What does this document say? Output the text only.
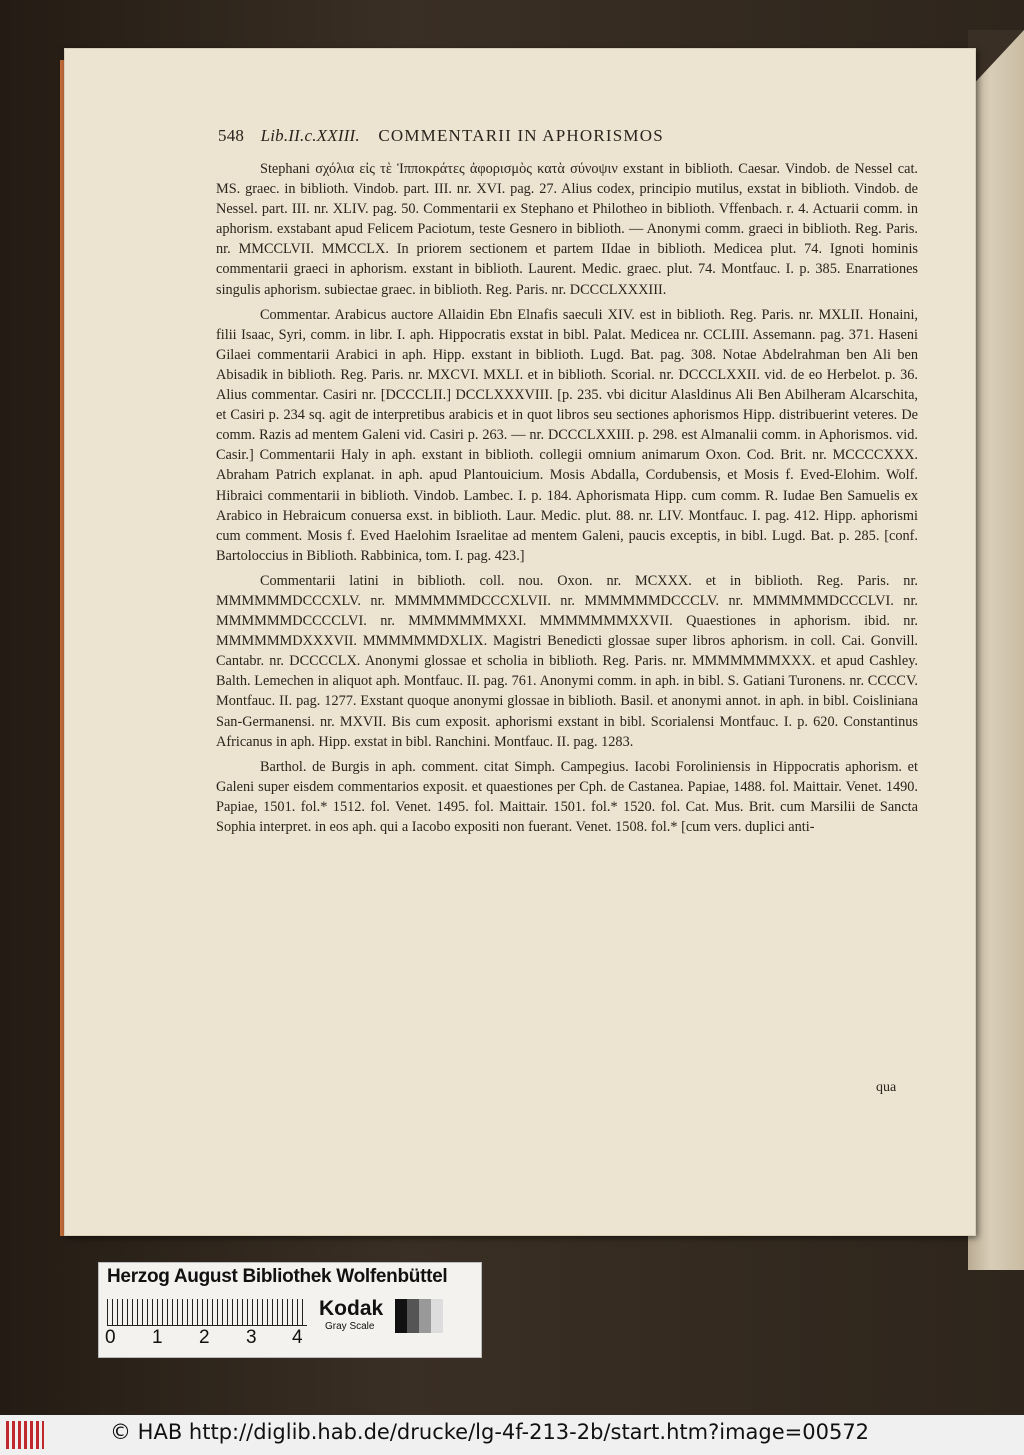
548 Lib.II.c.XXIII. COMMENTARII IN APHORISMOS

Stephani σχόλια εἰς τὲ Ἱπποκράτες ἀφορισμὸς κατὰ σύνοψιν exstant in biblioth. Caesar. Vindob. de Nessel cat. MS. graec. in biblioth. Vindob. part. III. nr. XVI. pag. 27. Alius codex, principio mutilus, exstat in biblioth. Vindob. de Nessel. part. III. nr. XLIV. pag. 50. Commentarii ex Stephano et Philotheo in biblioth. Vffenbach. r. 4. Actuarii comm. in aphorism. exstabant apud Felicem Paciotum, teste Gesnero in biblioth. — Anonymi comm. graeci in biblioth. Reg. Paris. nr. MMCCLVII. MMCCLX. In priorem sectionem et partem IIdae in biblioth. Medicea plut. 74. Ignoti hominis commentarii graeci in aphorism. exstant in biblioth. Laurent. Medic. graec. plut. 74. Montfauc. I. p. 385. Enarrationes singulis aphorism. subiectae graec. in biblioth. Reg. Paris. nr. DCCCLXXXIII.

Commentar. Arabicus auctore Allaidin Ebn Elnafis saeculi XIV. est in biblioth. Reg. Paris. nr. MXLII. Honaini, filii Isaac, Syri, comm. in libr. I. aph. Hippocratis exstat in bibl. Palat. Medicea nr. CCLIII. Assemann. pag. 371. Haseni Gilaei commentarii Arabici in aph. Hipp. exstant in biblioth. Lugd. Bat. pag. 308. Notae Abdelrahman ben Ali ben Abisadik in biblioth. Reg. Paris. nr. MXCVI. MXLI. et in biblioth. Scorial. nr. DCCCLXXII. vid. de eo Herbelot. p. 36. Alius commentar. Casiri nr. [DCCCLII.] DCCLXXXVIII. [p. 235. vbi dicitur Alasldinus Ali Ben Abilheram Alcarschita, et Casiri p. 234 sq. agit de interpretibus arabicis et in quot libros seu sectiones aphorismos Hipp. distribuerint veteres. De comm. Razis ad mentem Galeni vid. Casiri p. 263. — nr. DCCCLXXIII. p. 298. est Almanalii comm. in Aphorismos. vid. Casir.] Commentarii Haly in aph. exstant in biblioth. collegii omnium animarum Oxon. Cod. Brit. nr. MCCCCXXX. Abraham Patrich explanat. in aph. apud Plantouicium. Mosis Abdalla, Cordubensis, et Mosis f. Eved-Elohim. Wolf. Hibraici commentarii in biblioth. Vindob. Lambec. I. p. 184. Aphorismata Hipp. cum comm. R. Iudae Ben Samuelis ex Arabico in Hebraicum conuersa exst. in biblioth. Laur. Medic. plut. 88. nr. LIV. Montfauc. I. pag. 412. Hipp. aphorismi cum comment. Mosis f. Eved Haelohim Israelitae ad mentem Galeni, paucis exceptis, in bibl. Lugd. Bat. p. 285. [conf. Bartoloccius in Biblioth. Rabbinica, tom. I. pag. 423.]

Commentarii latini in biblioth. coll. nou. Oxon. nr. MCXXX. et in biblioth. Reg. Paris. nr. MMMMMMDCCCXLV. nr. MMMMMMDCCCXLVII. nr. MMMMMMDCCCLV. nr. MMMMMMDCCCLVI. nr. MMMMMMDCCCCLVI. nr. MMMMMMMXXI. MMMMMMMXXVII. Quaestiones in aphorism. ibid. nr. MMMMMMDXXXVII. MMMMMMDXLIX. Magistri Benedicti glossae super libros aphorism. in coll. Cai. Gonvill. Cantabr. nr. DCCCCLX. Anonymi glossae et scholia in biblioth. Reg. Paris. nr. MMMMMMMXXX. et apud Cashley. Balth. Lemechen in aliquot aph. Montfauc. II. pag. 761. Anonymi comm. in aph. in bibl. S. Gatiani Turonens. nr. CCCCV. Montfauc. II. pag. 1277. Exstant quoque anonymi glossae in biblioth. Basil. et anonymi annot. in aph. in bibl. Coisliniana San-Germanensi. nr. MXVII. Bis cum exposit. aphorismi exstant in bibl. Scorialensi Montfauc. I. p. 620. Constantinus Africanus in aph. Hipp. exstat in bibl. Ranchini. Montfauc. II. pag. 1283.

Barthol. de Burgis in aph. comment. citat Simph. Campegius. Iacobi Foroliniensis in Hippocratis aphorism. et Galeni super eisdem commentarios exposit. et quaestiones per Cph. de Castanea. Papiae, 1488. fol. Maittair. Venet. 1490. Papiae, 1501. fol.* 1512. fol. Venet. 1495. fol. Maittair. 1501. fol.* 1520. fol. Cat. Mus. Brit. cum Marsilii de Sancta Sophia interpret. in eos aph. qui a Iacobo expositi non fuerant. Venet. 1508. fol.* [cum vers. duplici anti-

qua
Herzog August Bibliothek Wolfenbüttel
0 1 2 3 4
Kodak
Gray Scale
© HAB http://diglib.hab.de/drucke/lg-4f-213-2b/start.htm?image=00572
